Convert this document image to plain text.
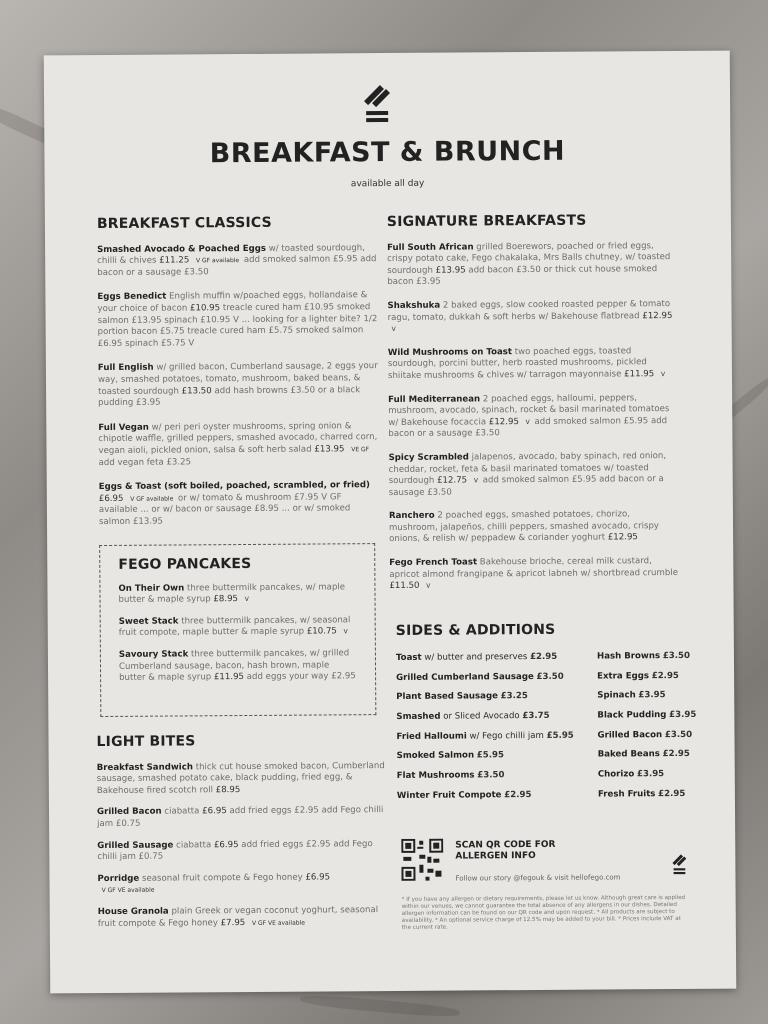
BREAKFAST & BRUNCH
available all day
BREAKFAST CLASSICS
Smashed Avocado & Poached Eggs w/ toasted sourdough, chilli & chives £11.25 V GF available add smoked salmon £5.95 add bacon or a sausage £3.50
Eggs Benedict English muffin w/poached eggs, hollandaise & your choice of bacon £10.95 treacle cured ham £10.95 smoked salmon £13.95 spinach £10.95 V ... looking for a lighter bite? 1/2 portion bacon £5.75 treacle cured ham £5.75 smoked salmon £6.95 spinach £5.75 V
Full English w/ grilled bacon, Cumberland sausage, 2 eggs your way, smashed potatoes, tomato, mushroom, baked beans, & toasted sourdough £13.50 add hash browns £3.50 or a black pudding £3.95
Full Vegan w/ peri peri oyster mushrooms, spring onion & chipotle waffle, grilled peppers, smashed avocado, charred corn, vegan aioli, pickled onion, salsa & soft herb salad £13.95 VE GF add vegan feta £3.25
Eggs & Toast (soft boiled, poached, scrambled, or fried) £6.95 V GF available or w/ tomato & mushroom £7.95 V GF available ... or w/ bacon or sausage £8.95 ... or w/ smoked salmon £13.95
FEGO PANCAKES
On Their Own three buttermilk pancakes, w/ maple butter & maple syrup £8.95 V
Sweet Stack three buttermilk pancakes, w/ seasonal fruit compote, maple butter & maple syrup £10.75 V
Savoury Stack three buttermilk pancakes, w/ grilled Cumberland sausage, bacon, hash brown, maple butter & maple syrup £11.95 add eggs your way £2.95
LIGHT BITES
Breakfast Sandwich thick cut house smoked bacon, Cumberland sausage, smashed potato cake, black pudding, fried egg, & Bakehouse fired scotch roll £8.95
Grilled Bacon ciabatta £6.95 add fried eggs £2.95 add Fego chilli jam £0.75
Grilled Sausage ciabatta £6.95 add fried eggs £2.95 add Fego chilli jam £0.75
Porridge seasonal fruit compote & Fego honey £6.95 V GF VE available
House Granola plain Greek or vegan coconut yoghurt, seasonal fruit compote & Fego honey £7.95 V GF VE available
SIGNATURE BREAKFASTS
Full South African grilled Boerewors, poached or fried eggs, crispy potato cake, Fego chakalaka, Mrs Balls chutney, w/ toasted sourdough £13.95 add bacon £3.50 or thick cut house smoked bacon £3.95
Shakshuka 2 baked eggs, slow cooked roasted pepper & tomato ragu, tomato, dukkah & soft herbs w/ Bakehouse flatbread £12.95 V
Wild Mushrooms on Toast two poached eggs, toasted sourdough, porcini butter, herb roasted mushrooms, pickled shiitake mushrooms & chives w/ tarragon mayonnaise £11.95 V
Full Mediterranean 2 poached eggs, halloumi, peppers, mushroom, avocado, spinach, rocket & basil marinated tomatoes w/ Bakehouse focaccia £12.95 V add smoked salmon £5.95 add bacon or a sausage £3.50
Spicy Scrambled jalapenos, avocado, baby spinach, red onion, cheddar, rocket, feta & basil marinated tomatoes w/ toasted sourdough £12.75 V add smoked salmon £5.95 add bacon or a sausage £3.50
Ranchero 2 poached eggs, smashed potatoes, chorizo, mushroom, jalapeños, chilli peppers, smashed avocado, crispy onions, & relish w/ peppadew & coriander yoghurt £12.95
Fego French Toast Bakehouse brioche, cereal milk custard, apricot almond frangipane & apricot labneh w/ shortbread crumble £11.50 V
SIDES & ADDITIONS
Toast w/ butter and preserves £2.95
Grilled Cumberland Sausage £3.50
Plant Based Sausage £3.25
Smashed or Sliced Avocado £3.75
Fried Halloumi w/ Fego chilli jam £5.95
Smoked Salmon £5.95
Flat Mushrooms £3.50
Winter Fruit Compote £2.95
Hash Browns £3.50
Extra Eggs £2.95
Spinach £3.95
Black Pudding £3.95
Grilled Bacon £3.50
Baked Beans £2.95
Chorizo £3.95
Fresh Fruits £2.95
SCAN QR CODE FOR ALLERGEN INFO
Follow our story @fegouk & visit hellofego.com
* If you have any allergen or dietary requirements, please let us know. Although great care is applied within our venues, we cannot guarantee the total absence of any allergens in our dishes. Detailed allergen information can be found on our QR code and upon request. * All products are subject to availability. * An optional service charge of 12.5% may be added to your bill. * Prices include VAT at the current rate.
